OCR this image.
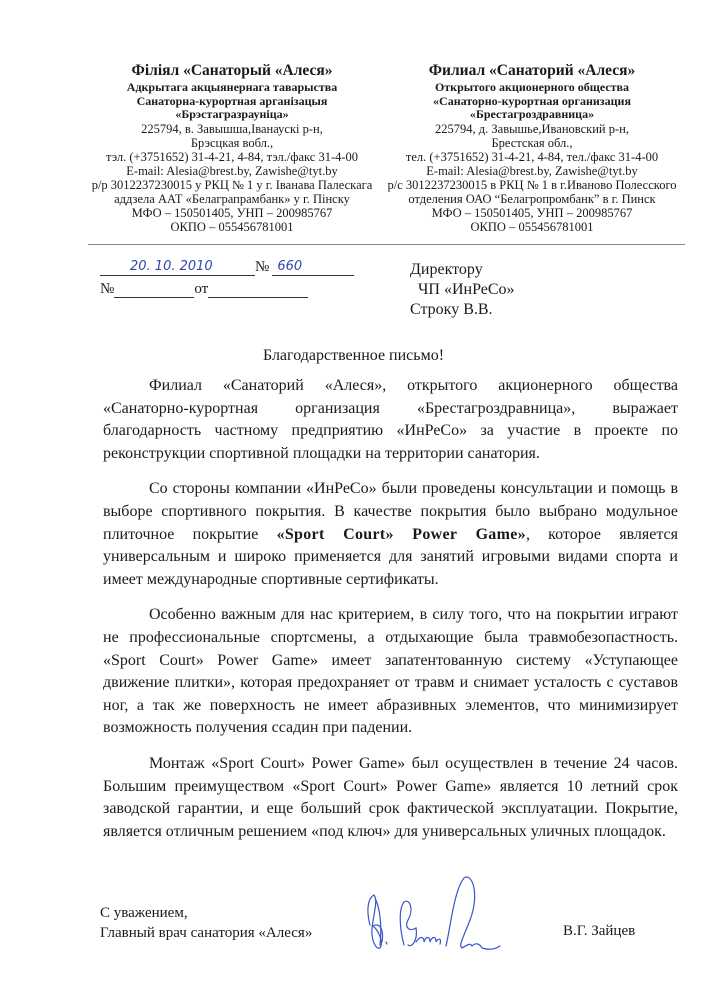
Філіял «Санаторый «Алеся»
Адкрытага акцыянернага таварыства
Санаторна-курортная арганізацыя
«Брэстагразрауніца»
225794, в. Завышша,Іванаускі р-н,
Брэсцкая вобл.,
тэл. (+3751652) 31-4-21, 4-84, тэл./факс 31-4-00
E-mail: Alesia@brest.by, Zawishe@tyt.by
р/р 3012237230015 у РКЦ № 1 у г. Іванава Палескага
аддзела ААТ «Белаграпрамбанк» у г. Пінску
МФО – 150501405, УНП – 200985767
ОКПО – 055456781001
Филиал «Санаторий «Алеся»
Открытого акционерного общества
«Санаторно-курортная организация
«Брестагроздравница»
225794, д. Завышье,Ивановский р-н,
Брестская обл.,
тел. (+3751652) 31-4-21, 4-84, тел./факс 31-4-00
E-mail: Alesia@brest.by, Zawishe@tyt.by
р/с 3012237230015 в РКЦ № 1 в г.Иваново Полесского
отделения ОАО “Белагропромбанк” в г. Пинск
МФО – 150501405, УНП – 200985767
ОКПО – 055456781001
20. 10. 2010	№ 660
№	от
Директору
ЧП «ИнРеСо»
Строку В.В.
Благодарственное письмо!

Филиал «Санаторий «Алеся», открытого акционерного общества «Санаторно-курортная организация «Брестагроздравница», выражает благодарность частному предприятию «ИнРеСо» за участие в проекте по реконструкции спортивной площадки на территории санатория.

Со стороны компании «ИнРеСо» были проведены консультации и помощь в выборе спортивного покрытия. В качестве покрытия было выбрано модульное плиточное покрытие «Sport Court» Power Game», которое является универсальным и широко применяется для занятий игровыми видами спорта и имеет международные спортивные сертификаты.

Особенно важным для нас критерием, в силу того, что на покрытии играют не профессиональные спортсмены, а отдыхающие была травмобезопастность. «Sport Court» Power Game» имеет запатентованную систему «Уступающее движение плитки», которая предохраняет от травм и снимает усталость с суставов ног, а так же поверхность не имеет абразивных элементов, что минимизирует возможность получения ссадин при падении.

Монтаж «Sport Court» Power Game» был осуществлен в течение 24 часов. Большим преимуществом «Sport Court» Power Game» является 10 летний срок заводской гарантии, и еще больший срок фактической эксплуатации. Покрытие, является отличным решением «под ключ» для универсальных уличных площадок.

С уважением,
Главный врач санатория «Алеся»	В.Г. Зайцев
